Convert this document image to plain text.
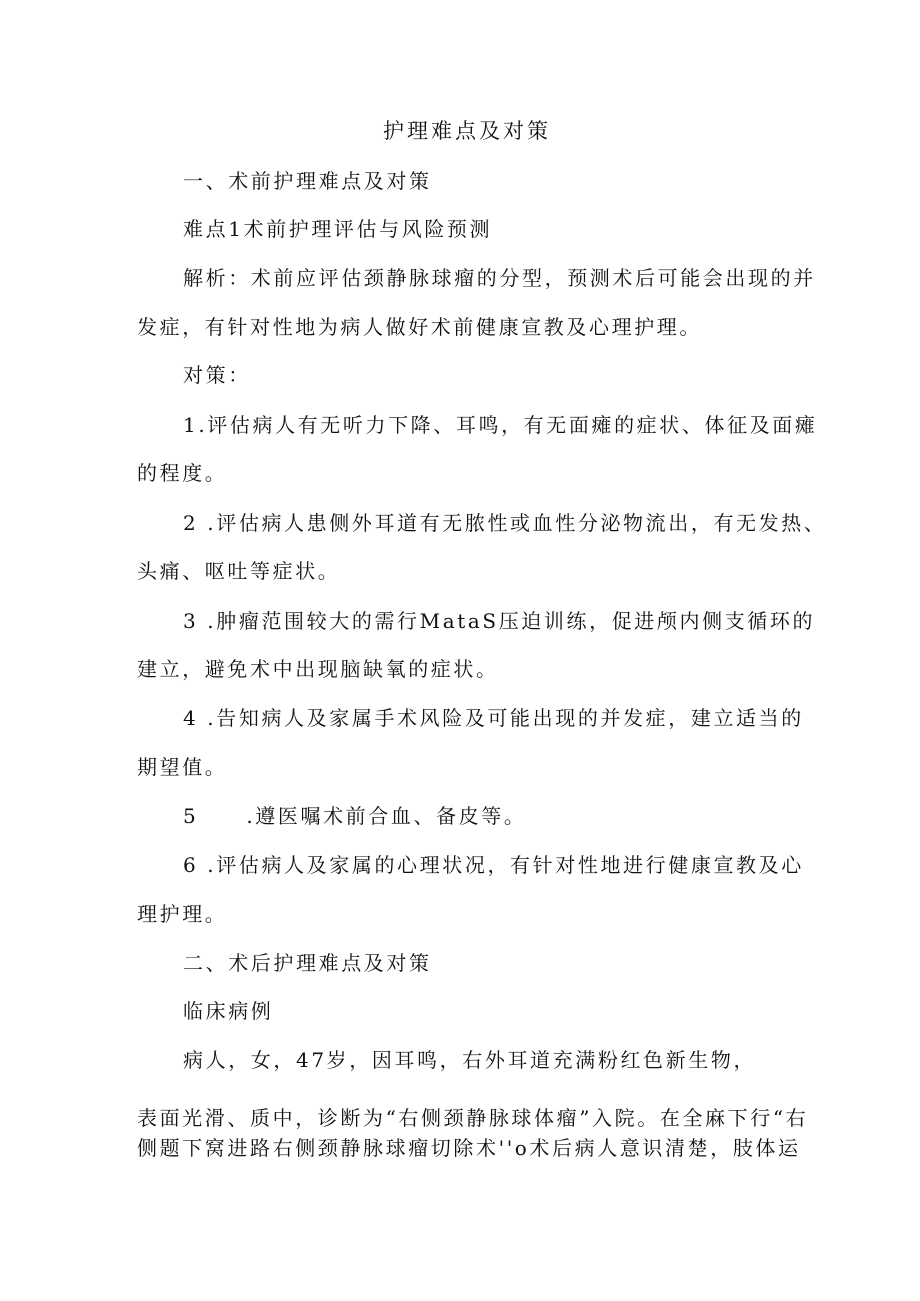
护理难点及对策
一、术前护理难点及对策
难点1术前护理评估与风险预测
解析：术前应评估颈静脉球瘤的分型，预测术后可能会出现的并
发症，有针对性地为病人做好术前健康宣教及心理护理。
对策：
1.评估病人有无听力下降、耳鸣，有无面瘫的症状、体征及面瘫
的程度。
2 .评估病人患侧外耳道有无脓性或血性分泌物流出，有无发热、
头痛、呕吐等症状。
3 .肿瘤范围较大的需行MataS压迫训练，促进颅内侧支循环的
建立，避免术中出现脑缺氧的症状。
4 .告知病人及家属手术风险及可能出现的并发症，建立适当的
期望值。
5 .遵医嘱术前合血、备皮等。
6 .评估病人及家属的心理状况，有针对性地进行健康宣教及心
理护理。
二、术后护理难点及对策
临床病例
病人，女，47岁，因耳鸣，右外耳道充满粉红色新生物，
表面光滑、质中，诊断为“右侧颈静脉球体瘤”入院。在全麻下行“右
侧题下窝进路右侧颈静脉球瘤切除术''o术后病人意识清楚，肢体运
